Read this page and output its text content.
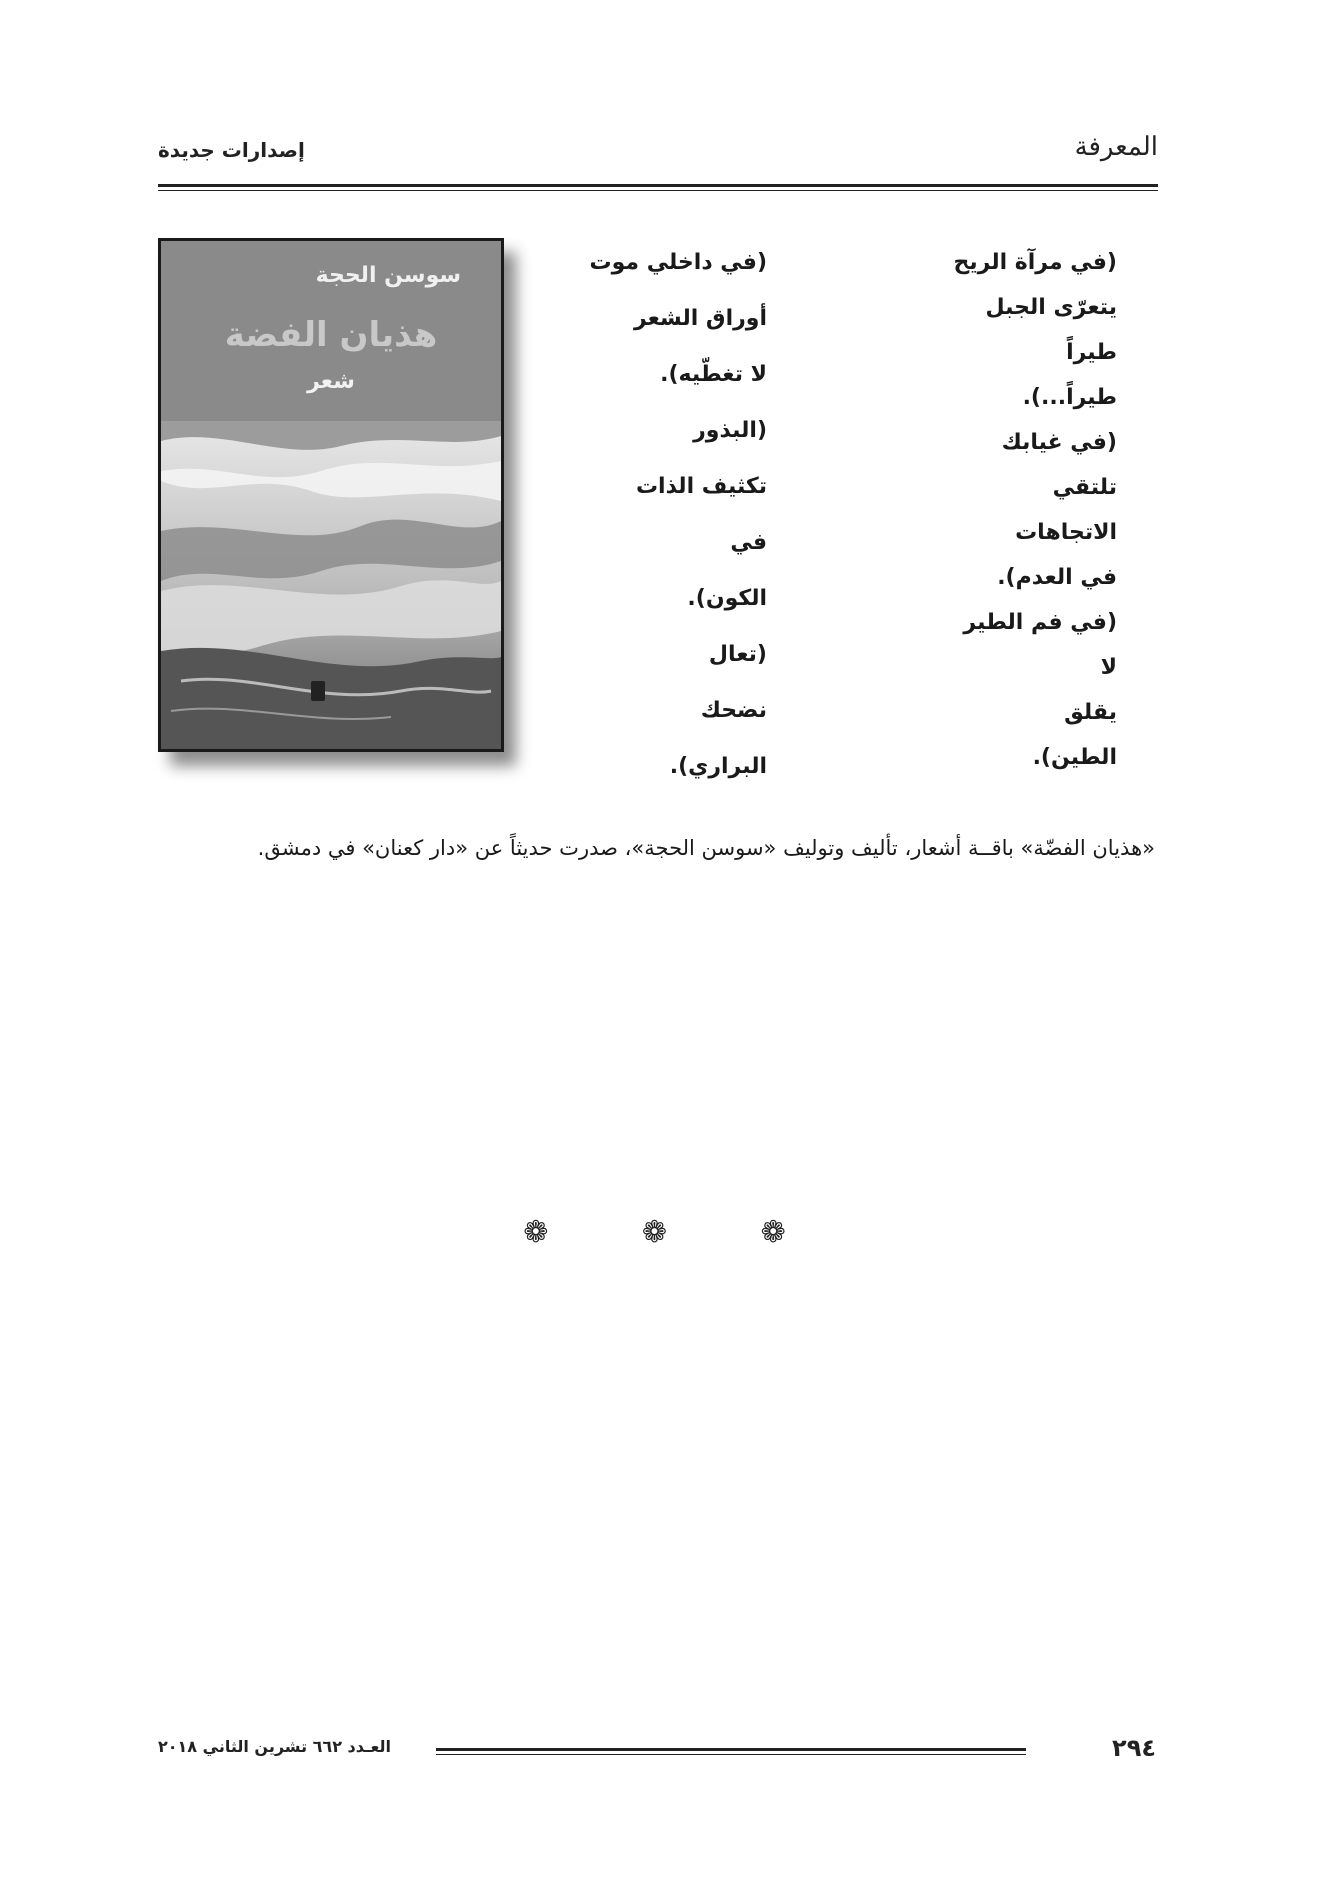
المعرفة
إصدارات جديدة
(في مرآة الريح
يتعرّى الجبل
طيراً
طيراً...).
(في غيابك
تلتقي
الاتجاهات
في العدم).
(في فم الطير
لا
يقلق
الطين).
(في داخلي موت
أوراق الشعر
لا تغطّيه).
(البذور
تكثيف الذات
في
الكون).
(تعال
نضحك
البراري).
سوسن الحجة
هذيان الفضة
شعر
«هذيان الفضّة» باقــة أشعار، تأليف وتوليف «سوسن الحجة»، صدرت حديثاً عن «دار كعنان» في دمشق.
❁ ❁ ❁
العـدد ٦٦٢ تشرين الثاني ٢٠١٨	٢٩٤
